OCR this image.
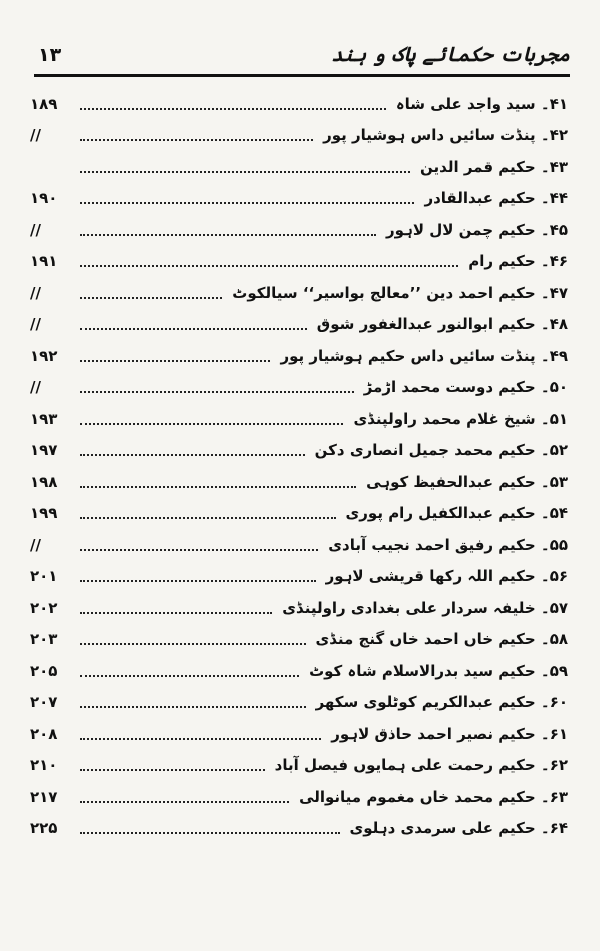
۱۳	مجربات حکمائے پاک و ہند
۴۱۔ سید واجد علی شاہ
۱۸۹
۴۲۔ پنڈت سائیں داس ہوشیار پور
//
۴۳۔ حکیم قمر الدین
۴۴۔ حکیم عبدالقادر
۱۹۰
۴۵۔ حکیم چمن لال لاہور
//
۴۶۔ حکیم رام
۱۹۱
۴۷۔ حکیم احمد دین ’’معالج بواسیر‘‘ سیالکوٹ
//
۴۸۔ حکیم ابوالنور عبدالغفور شوق
//
۴۹۔ پنڈت سائیں داس حکیم ہوشیار پور
۱۹۲
۵۰۔ حکیم دوست محمد اڑمڑ
//
۵۱۔ شیخ غلام محمد راولپنڈی
۱۹۳
۵۲۔ حکیم محمد جمیل انصاری دکن
۱۹۷
۵۳۔ حکیم عبدالحفیظ کوہی
۱۹۸
۵۴۔ حکیم عبدالکفیل رام پوری
۱۹۹
۵۵۔ حکیم رفیق احمد نجیب آبادی
//
۵۶۔ حکیم اللہ رکھا قریشی لاہور
۲۰۱
۵۷۔ خلیفہ سردار علی بغدادی راولپنڈی
۲۰۲
۵۸۔ حکیم خاں احمد خاں گنج منڈی
۲۰۳
۵۹۔ حکیم سید بدرالاسلام شاہ کوٹ
۲۰۵
۶۰۔ حکیم عبدالکریم کوٹلوی سکھر
۲۰۷
۶۱۔ حکیم نصیر احمد حاذق لاہور
۲۰۸
۶۲۔ حکیم رحمت علی ہمایوں فیصل آباد
۲۱۰
۶۳۔ حکیم محمد خاں مغموم میانوالی
۲۱۷
۶۴۔ حکیم علی سرمدی دہلوی
۲۲۵
